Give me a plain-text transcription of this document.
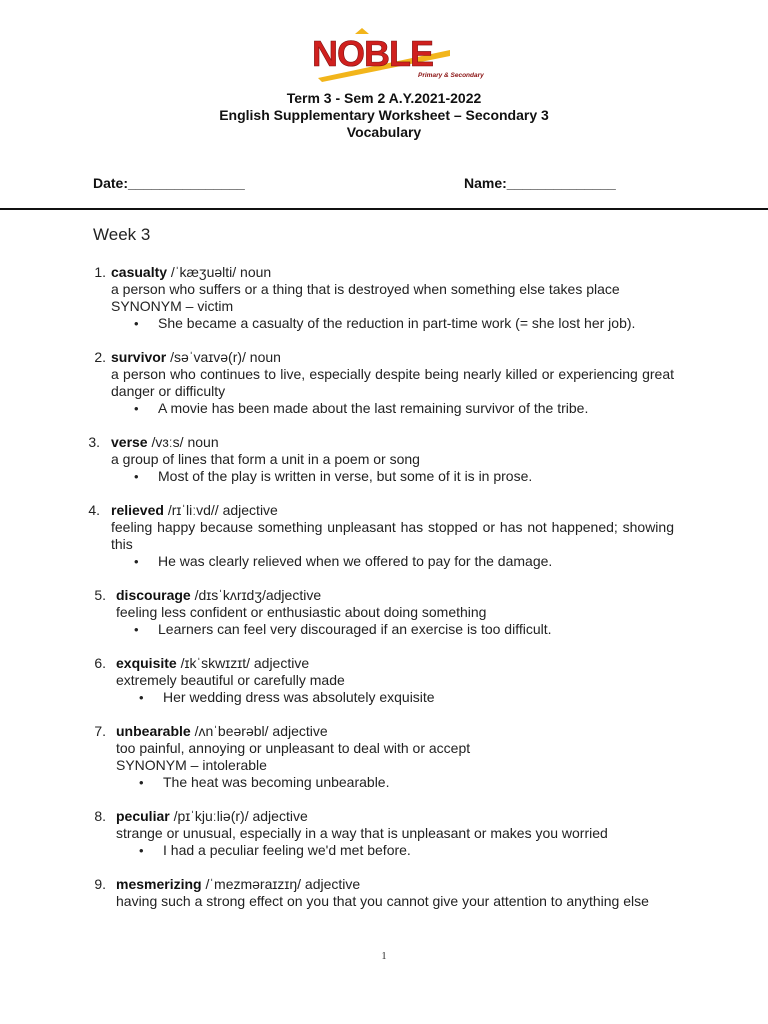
NOBLE
Primary & Secondary
Term 3 - Sem 2 A.Y.2021-2022
English Supplementary Worksheet – Secondary 3
Vocabulary
Date:_______________	Name:______________
Week 3
1. casualty /ˈkæʒuəlti/ noun
a person who suffers or a thing that is destroyed when something else takes place
SYNONYM – victim
• She became a casualty of the reduction in part-time work (= she lost her job).
2. survivor /səˈvaɪvə(r)/ noun
a person who continues to live, especially despite being nearly killed or experiencing great danger or difficulty
• A movie has been made about the last remaining survivor of the tribe.
3. verse /vɜːs/ noun
a group of lines that form a unit in a poem or song
• Most of the play is written in verse, but some of it is in prose.
4. relieved /rɪˈliːvd// adjective
feeling happy because something unpleasant has stopped or has not happened; showing this
• He was clearly relieved when we offered to pay for the damage.
5. discourage /dɪsˈkʌrɪdʒ/adjective
feeling less confident or enthusiastic about doing something
• Learners can feel very discouraged if an exercise is too difficult.
6. exquisite /ɪkˈskwɪzɪt/ adjective
extremely beautiful or carefully made
• Her wedding dress was absolutely exquisite
7. unbearable /ʌnˈbeərəbl/ adjective
too painful, annoying or unpleasant to deal with or accept
SYNONYM – intolerable
• The heat was becoming unbearable.
8. peculiar /pɪˈkjuːliə(r)/ adjective
strange or unusual, especially in a way that is unpleasant or makes you worried
• I had a peculiar feeling we'd met before.
9. mesmerizing /ˈmezməraɪzɪŋ/ adjective
having such a strong effect on you that you cannot give your attention to anything else
1
